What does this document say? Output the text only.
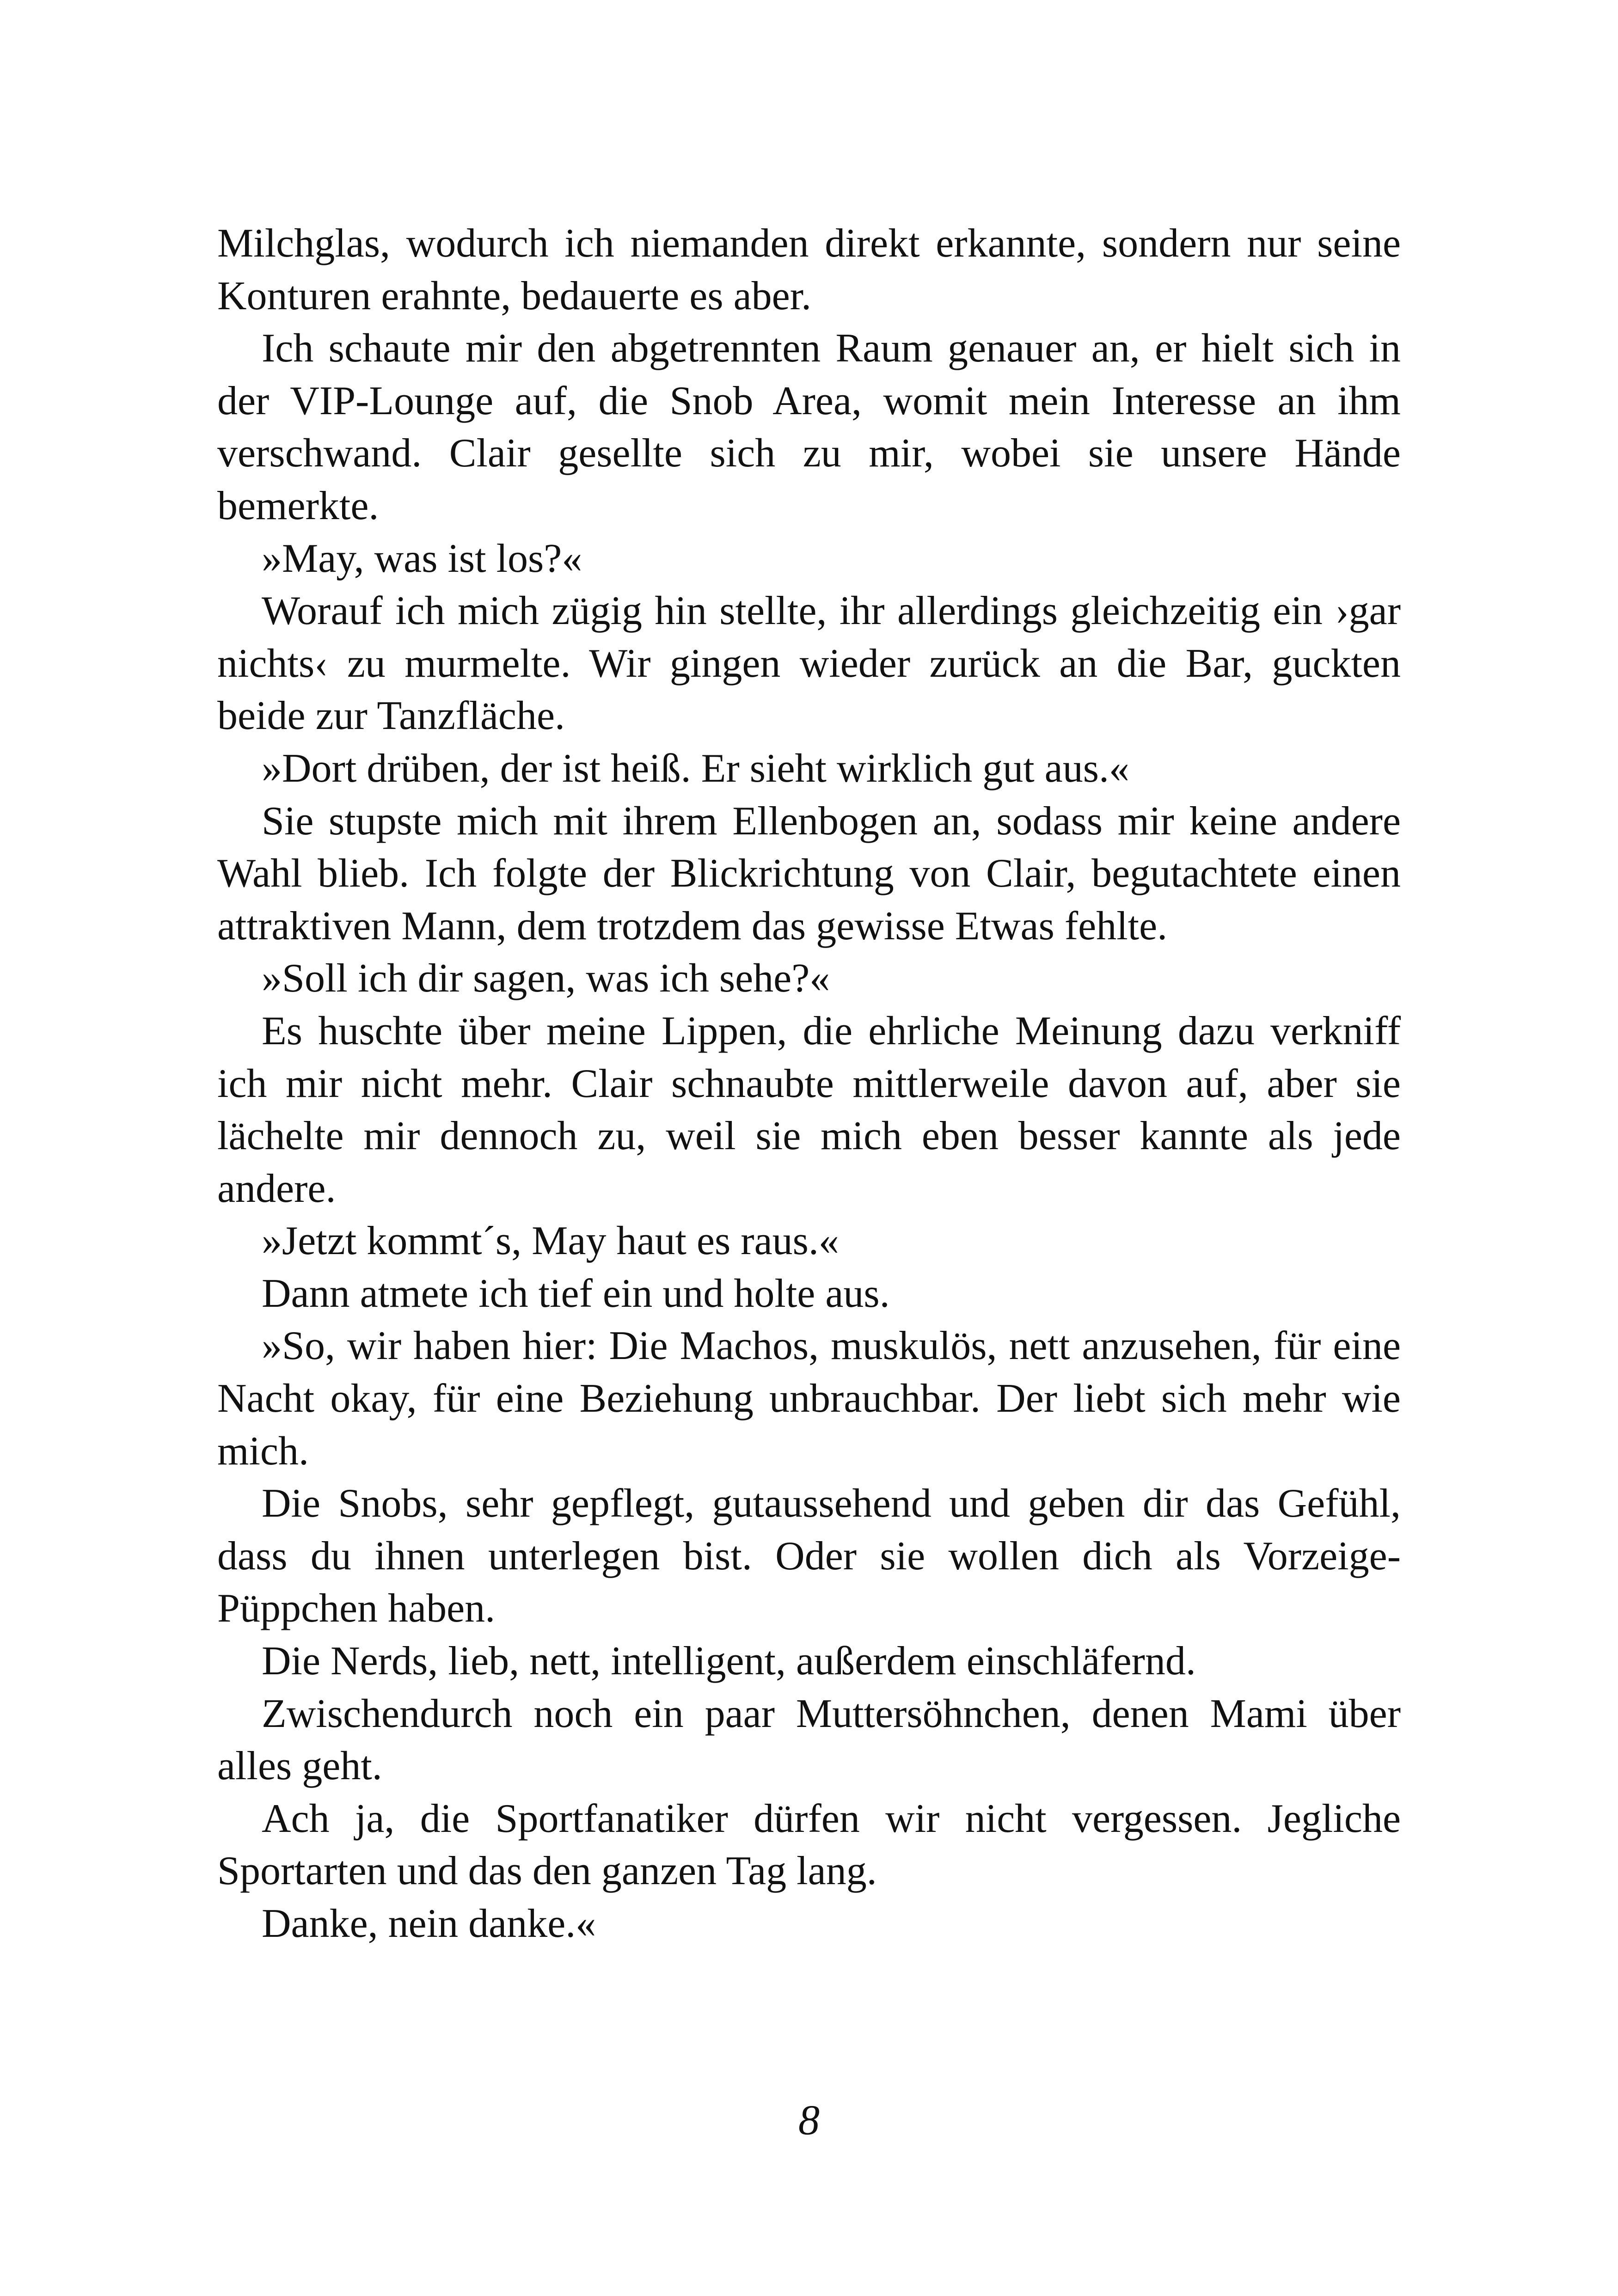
Milchglas, wodurch ich niemanden direkt erkannte, sondern nur seine Konturen erahnte, bedauerte es aber.

Ich schaute mir den abgetrennten Raum genauer an, er hielt sich in der VIP-Lounge auf, die Snob Area, womit mein Interesse an ihm verschwand. Clair gesellte sich zu mir, wobei sie unsere Hände bemerkte.

»May, was ist los?«

Worauf ich mich zügig hin stellte, ihr allerdings gleichzeitig ein ›gar nichts‹ zu murmelte. Wir gingen wieder zurück an die Bar, guckten beide zur Tanzfläche.

»Dort drüben, der ist heiß. Er sieht wirklich gut aus.«

Sie stupste mich mit ihrem Ellenbogen an, sodass mir keine andere Wahl blieb. Ich folgte der Blickrichtung von Clair, begutachtete einen attraktiven Mann, dem trotzdem das gewisse Etwas fehlte.

»Soll ich dir sagen, was ich sehe?«

Es huschte über meine Lippen, die ehrliche Meinung dazu verkniff ich mir nicht mehr. Clair schnaubte mittlerweile davon auf, aber sie lächelte mir dennoch zu, weil sie mich eben besser kannte als jede andere.

»Jetzt kommt´s, May haut es raus.«

Dann atmete ich tief ein und holte aus.

»So, wir haben hier: Die Machos, muskulös, nett anzusehen, für eine Nacht okay, für eine Beziehung unbrauchbar. Der liebt sich mehr wie mich.

Die Snobs, sehr gepflegt, gutaussehend und geben dir das Gefühl, dass du ihnen unterlegen bist. Oder sie wollen dich als Vorzeige-Püppchen haben.

Die Nerds, lieb, nett, intelligent, außerdem einschläfernd.

Zwischendurch noch ein paar Muttersöhnchen, denen Mami über alles geht.

Ach ja, die Sportfanatiker dürfen wir nicht vergessen. Jegliche Sportarten und das den ganzen Tag lang.

Danke, nein danke.«

8
